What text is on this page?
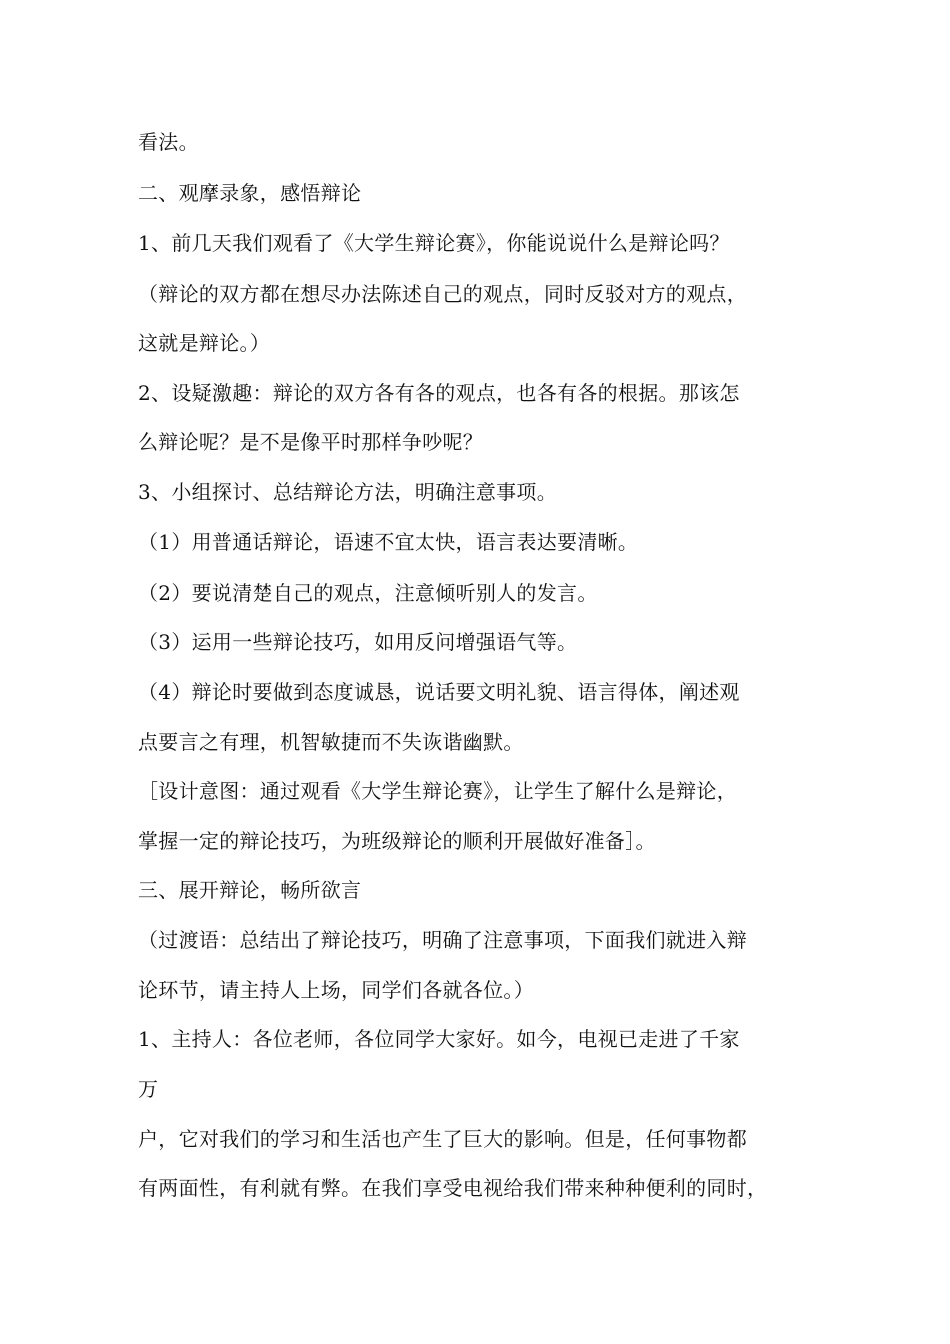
看法。
二、观摩录象，感悟辩论
1、前几天我们观看了《大学生辩论赛》，你能说说什么是辩论吗？
（辩论的双方都在想尽办法陈述自己的观点，同时反驳对方的观点，
这就是辩论。）
2、设疑激趣：辩论的双方各有各的观点，也各有各的根据。那该怎
么辩论呢？是不是像平时那样争吵呢？
3、小组探讨、总结辩论方法，明确注意事项。
（1）用普通话辩论，语速不宜太快，语言表达要清晰。
（2）要说清楚自己的观点，注意倾听别人的发言。
（3）运用一些辩论技巧，如用反问增强语气等。
（4）辩论时要做到态度诚恳，说话要文明礼貌、语言得体，阐述观
点要言之有理，机智敏捷而不失诙谐幽默。
［设计意图：通过观看《大学生辩论赛》，让学生了解什么是辩论，
掌握一定的辩论技巧，为班级辩论的顺利开展做好准备］。
三、展开辩论，畅所欲言
（过渡语：总结出了辩论技巧，明确了注意事项，下面我们就进入辩
论环节，请主持人上场，同学们各就各位。）
1、主持人：各位老师，各位同学大家好。如今，电视已走进了千家
万
户，它对我们的学习和生活也产生了巨大的影响。但是，任何事物都
有两面性，有利就有弊。在我们享受电视给我们带来种种便利的同时，
